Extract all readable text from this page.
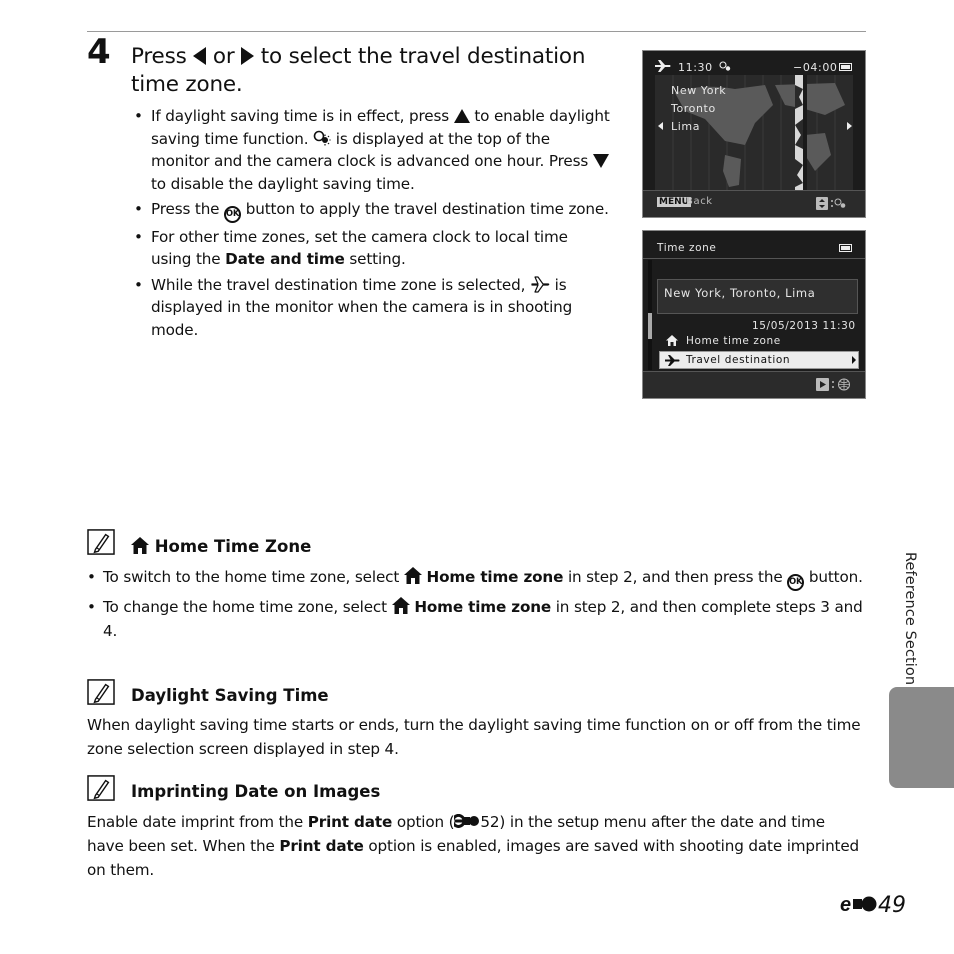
4 Press or to select the travel destination time zone.
• If daylight saving time is in effect, press to enable daylight saving time function. is displayed at the top of the monitor and the camera clock is advanced one hour. Press  to disable the daylight saving time.
• Press the OK button to apply the travel destination time zone.
• For other time zones, set the camera clock to local time using the Date and time setting.
• While the travel destination time zone is selected, is displayed in the monitor when the camera is in shooting mode.
11:30	−04:00
New York
Toronto
Lima
MENU
Back
Time zone
New York, Toronto, Lima
15/05/2013 11:30
Home time zone
Travel destination
Home Time Zone
• To switch to the home time zone, select Home time zone in step 2, and then press the OK button.
• To change the home time zone, select Home time zone in step 2, and then complete steps 3 and 4.
Daylight Saving Time
When daylight saving time starts or ends, turn the daylight saving time function on or off from the time zone selection screen displayed in step 4.
Imprinting Date on Images
Enable date imprint from the Print date option ( 52) in the setup menu after the date and time have been set. When the Print date option is enabled, images are saved with shooting date imprinted on them.
Reference Section
e 49
